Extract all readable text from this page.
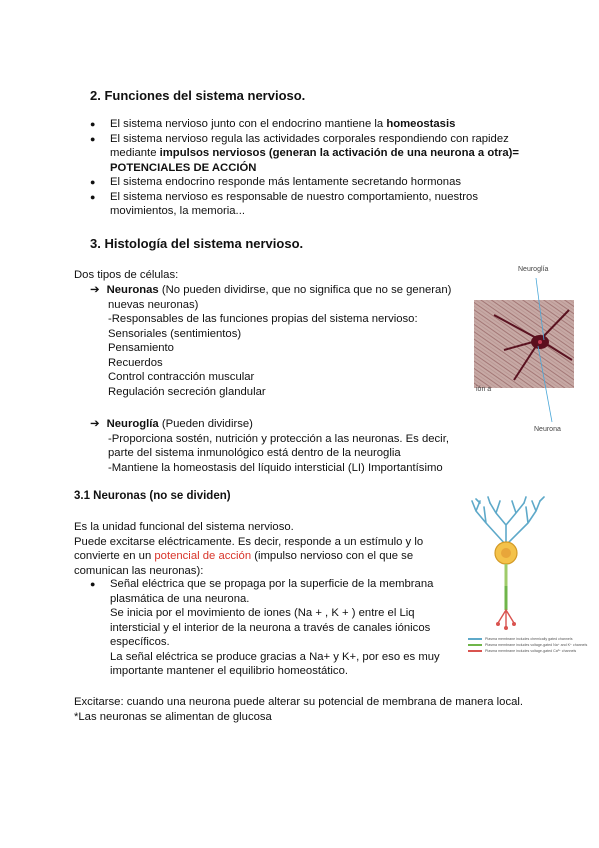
2. Funciones del sistema nervioso.
● El sistema nervioso junto con el endocrino mantiene la homeostasis
● El sistema nervioso regula las actividades corporales respondiendo con rapidez
mediante impulsos nerviosos (generan la activación de una neurona a otra)=
POTENCIALES DE ACCIÓN
● El sistema endocrino responde más lentamente secretando hormonas
● El sistema nervioso es responsable de nuestro comportamiento, nuestros
movimientos, la memoria...
3. Histología del sistema nervioso.
Dos tipos de células:
➔ Neuronas (No pueden dividirse, que no significa que no se generan)
nuevas neuronas)
-Responsables de las funciones propias del sistema nervioso:
Sensoriales (sentimientos)
Pensamiento
Recuerdos
Control contracción muscular
Regulación secreción glandular
➔ Neuroglía (Pueden dividirse)
-Proporciona sostén, nutrición y protección a las neuronas. Es decir,
parte del sistema inmunológico está dentro de la neuroglia
-Mantiene la homeostasis del líquido intersticial (LI) Importantísimo
Neuroglía
ión a
Neurona
3.1 Neuronas (no se dividen)
Es la unidad funcional del sistema nervioso.
Puede excitarse eléctricamente. Es decir, responde a un estímulo y lo
convierte en un potencial de acción (impulso nervioso con el que se
comunican las neuronas):
● Señal eléctrica que se propaga por la superficie de la membrana
plasmática de una neurona.
Se inicia por el movimiento de iones (Na + , K + ) entre el Liq
intersticial y el interior de la neurona a través de canales iónicos
específicos.
La señal eléctrica se produce gracias a Na+ y K+, por eso es muy
importante mantener el equilibrio homeostático.
Plasma membrane includes chemically gated channels
Plasma membrane includes voltage-gated Na⁺ and K⁺ channels
Plasma membrane includes voltage-gated Ca²⁺ channels
Excitarse: cuando una neurona puede alterar su potencial de membrana de manera local.
*Las neuronas se alimentan de glucosa
